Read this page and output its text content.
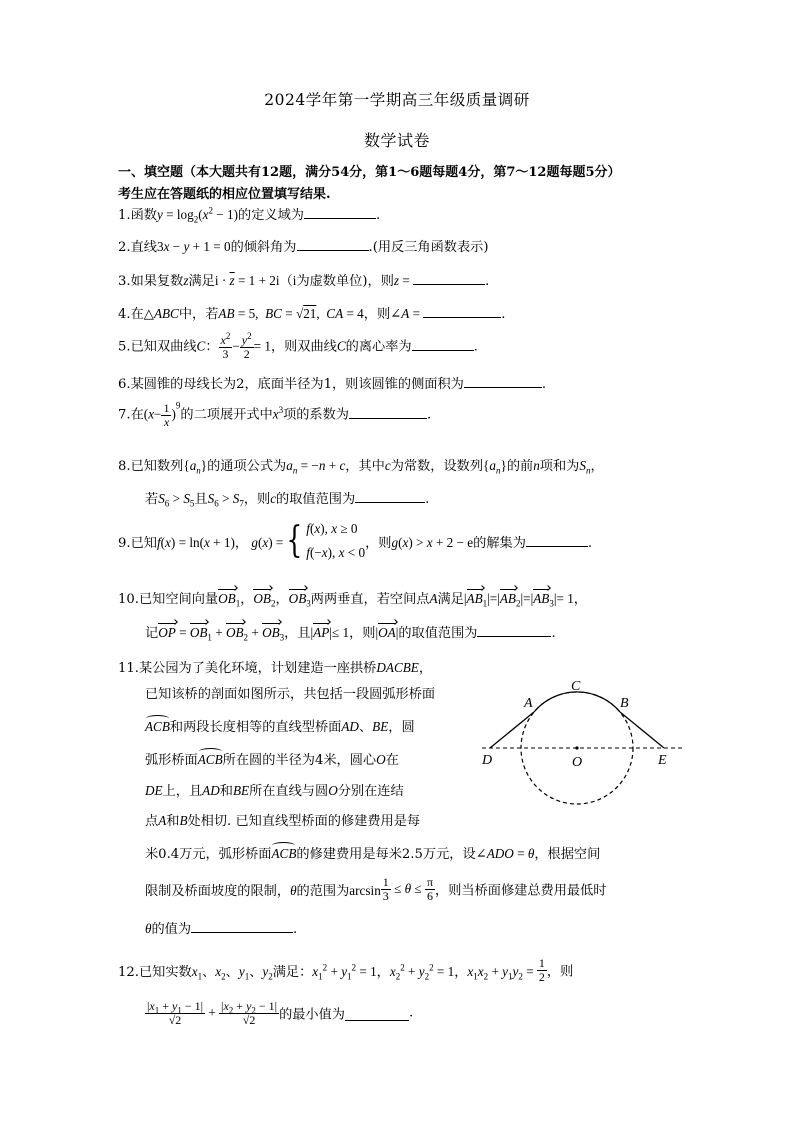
2024学年第一学期高三年级质量调研
数学试卷
一、填空题（本大题共有12题，满分54分，第1～6题每题4分，第7～12题每题5分）
考生应在答题纸的相应位置填写结果.
1.函数$y = \log_2(x^2 - 1)$的定义域为	.
2.直线3x − y + 1 = 0的倾斜角为	.(用反三角函数表示)
3.如果复数z满足$i \cdot \overline{z} = 1 + 2i(i$为虚数单位)，则z =	.
4.在△ABC中，若AB = 5,  BC = √21,  CA = 4，则∠A =	.
5.已知双曲线C： $\frac{x^2}{3} - \frac{y^2}{2} = 1$，则双曲线C的离心率为	.
6.某圆锥的母线长为2，底面半径为1，则该圆锥的侧面积为	.
7.在$(x- \frac{1}{x} )^9$的二项展开式中$x^3$项的系数为	.
8.已知数列$\{a_n\}$的通项公式为$a_n = -n + c$，其中c为常数，设数列$\{a_n\}$的前n项和为$S_n$，
若$S_6 > S_5$且$S_6 > S_7$，则c的取值范围为	.
9.已知f(x) = ln(x + 1)， g(x) ={ f(x), x ≥ 0
f(−x), x < 0
，则g(x) > x + 2 − e的解集为	.
10.已知空间向量$OB_1$，$OB_2$，$OB_3$两两垂直，若空间点A满足$|AB_1|=|AB_2|=|AB_3|= 1$，
记OP = $OB_1 + OB_2 + OB_3$，且|AP|≤ 1，则|OA|的取值范围为	.
11.某公园为了美化环境，计划建造一座拱桥DACBE，
已知该桥的剖面如图所示，共包括一段圆弧形桥面
ACB和两段长度相等的直线型桥面AD、BE，圆
弧形桥面ACB所在圆的半径为4米，圆心O在
DE上，且AD和BE所在直线与圆O分别在连结
点A和B处相切. 已知直线型桥面的修建费用是每
米0.4万元，弧形桥面ACB的修建费用是每米2.5万元，设∠ADO = θ，根据空间
限制及桥面坡度的限制，θ的范围为$\arcsin \frac{1}{3} \le \theta \le \frac{\pi}{6}$ ，则当桥面修建总费用最低时
θ的值为	.
A
C
B
D	O	E
12.已知实数$x_1$、$x_2$、$y_1$、$y_2$满足：$x_1^2 + y_1^2 = 1$，$x_2^2 + y_2^2 = 1$，$x_1x_2 + y_1y_2 = \frac{1}{2}$ ，则
$\frac{|x_1 + y_1 - 1|}{√2} + \frac{|x_2 + y_2 - 1|}{√2}$ 的最小值为	.
